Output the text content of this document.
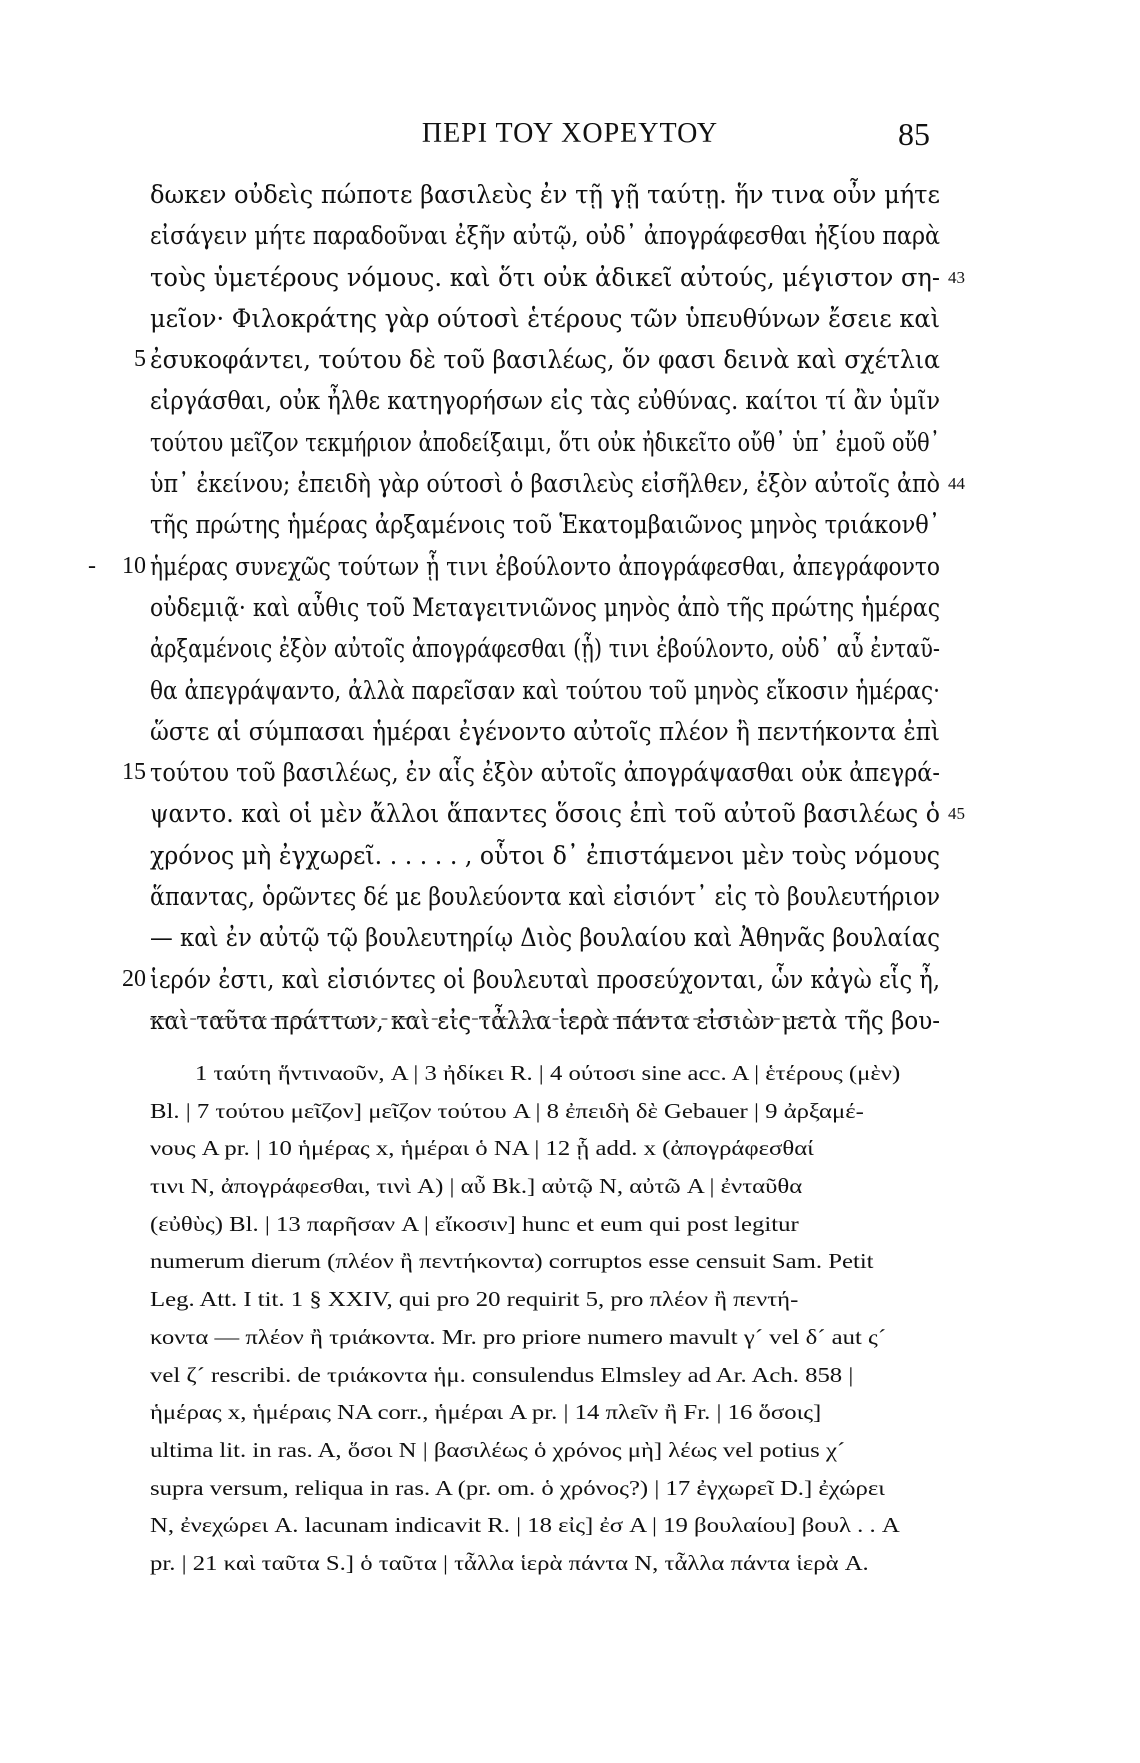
ΠΕΡΙ ΤΟΥ ΧΟΡΕΥΤΟΥ	85
δωκεν οὐδεὶς πώποτε βασιλεὺς ἐν τῇ γῇ ταύτῃ. ἥν τινα οὖν μήτε
εἰσάγειν μήτε παραδοῦναι ἐξῆν αὐτῷ, οὐδ᾽ ἀπογράφεσθαι ἠξίου παρὰ
τοὺς ὑμετέρους νόμους. καὶ ὅτι οὐκ ἀδικεῖ αὐτούς, μέγιστον ση- 43
μεῖον· Φιλοκράτης γὰρ ούτοσὶ ἑτέρους τῶν ὑπευθύνων ἔσειε καὶ
ἐσυκοφάντει, τούτου δὲ τοῦ βασιλέως, ὅν φασι δεινὰ καὶ σχέτλια
5
εἰργάσθαι, οὐκ ἦλθε κατηγορήσων εἰς τὰς εὐθύνας. καίτοι τί ἂν ὑμῖν
τούτου μεῖζον τεκμήριον ἀποδείξαιμι, ὅτι οὐκ ἠδικεῖτο οὔθ᾽ ὑπ᾽ ἐμοῦ οὔθ᾽
ὑπ᾽ ἐκείνου; ἐπειδὴ γὰρ ούτοσὶ ὁ βασιλεὺς εἰσῆλθεν, ἐξὸν αὐτοῖς ἀπὸ 44
τῆς πρώτης ἡμέρας ἀρξαμένοις τοῦ Ἑκατομβαιῶνος μηνὸς τριάκονθ᾽
ἡμέρας συνεχῶς τούτων ᾗ τινι ἐβούλοντο ἀπογράφεσθαι, ἀπεγράφοντο
10
-
οὐδεμιᾷ· καὶ αὖθις τοῦ Μεταγειτνιῶνος μηνὸς ἀπὸ τῆς πρώτης ἡμέρας
ἀρξαμένοις ἐξὸν αὐτοῖς ἀπογράφεσθαι (ᾗ) τινι ἐβούλοντο, οὐδ᾽ αὖ ἐνταῦ-
θα ἀπεγράψαντο, ἀλλὰ παρεῖσαν καὶ τούτου τοῦ μηνὸς εἴκοσιν ἡμέρας·
ὥστε αἱ σύμπασαι ἡμέραι ἐγένοντο αὐτοῖς πλέον ἢ πεντήκοντα ἐπὶ
τούτου τοῦ βασιλέως, ἐν αἷς ἐξὸν αὐτοῖς ἀπογράψασθαι οὐκ ἀπεγρά-
15
ψαντο. καὶ οἱ μὲν ἄλλοι ἅπαντες ὅσοις ἐπὶ τοῦ αὐτοῦ βασιλέως ὁ 45
χρόνος μὴ ἐγχωρεῖ. . . . . . , οὗτοι δ᾽ ἐπιστάμενοι μὲν τοὺς νόμους
ἅπαντας, ὁρῶντες δέ με βουλεύοντα καὶ εἰσιόντ᾽ εἰς τὸ βουλευτήριον
— καὶ ἐν αὐτῷ τῷ βουλευτηρίῳ Διὸς βουλαίου καὶ Ἀθηνᾶς βουλαίας
ἱερόν ἐστι, καὶ εἰσιόντες οἱ βουλευταὶ προσεύχονται, ὧν κἀγὼ εἷς ἦ,
20
καὶ ταῦτα πράττων, καὶ εἰς τἆλλα ἱερὰ πάντα εἰσιὼν μετὰ τῆς βου-
1 ταύτη ἥντιναοῦν, A | 3 ἠδίκει R. | 4 ούτοσι sine acc. A | ἑτέρους (μὲν)
Bl. | 7 τούτου μεῖζον] μεῖζον τούτου A | 8 ἐπειδὴ δὲ Gebauer | 9 ἀρξαμέ-
νους A pr. | 10 ἡμέρας x, ἡμέραι ὁ NA | 12 ᾗ add. x (ἀπογράφεσθαί
τινι N, ἀπογράφεσθαι, τινὶ A) | αὖ Bk.] αὐτῷ N, αὐτῶ A | ἐνταῦθα
(εὐθὺς) Bl. | 13 παρῆσαν A | εἴκοσιν] hunc et eum qui post legitur
numerum dierum (πλέον ἢ πεντήκοντα) corruptos esse censuit Sam. Petit
Leg. Att. I tit. 1 § XXIV, qui pro 20 requirit 5, pro πλέον ἢ πεντή-
κοντα — πλέον ἢ τριάκοντα. Mr. pro priore numero mavult γ´ vel δ´ aut ς´
vel ζ´ rescribi. de τριάκοντα ἡμ. consulendus Elmsley ad Ar. Ach. 858 |
ἡμέρας x, ἡμέραις NA corr., ἡμέραι A pr. | 14 πλεῖν ἢ Fr. | 16 ὅσοις]
ultima lit. in ras. A, ὅσοι N | βασιλέως ὁ χρόνος μὴ] λέως vel potius χ´
supra versum, reliqua in ras. A (pr. om. ὁ χρόνος?) | 17 ἐγχωρεῖ D.] ἐχώρει
N, ἐνεχώρει A. lacunam indicavit R. | 18 εἰς] ἐσ A | 19 βουλαίου] βουλ . . A
pr. | 21 καὶ ταῦτα S.] ὁ ταῦτα | τἆλλα ἱερὰ πάντα N, τἆλλα πάντα ἱερὰ A.
